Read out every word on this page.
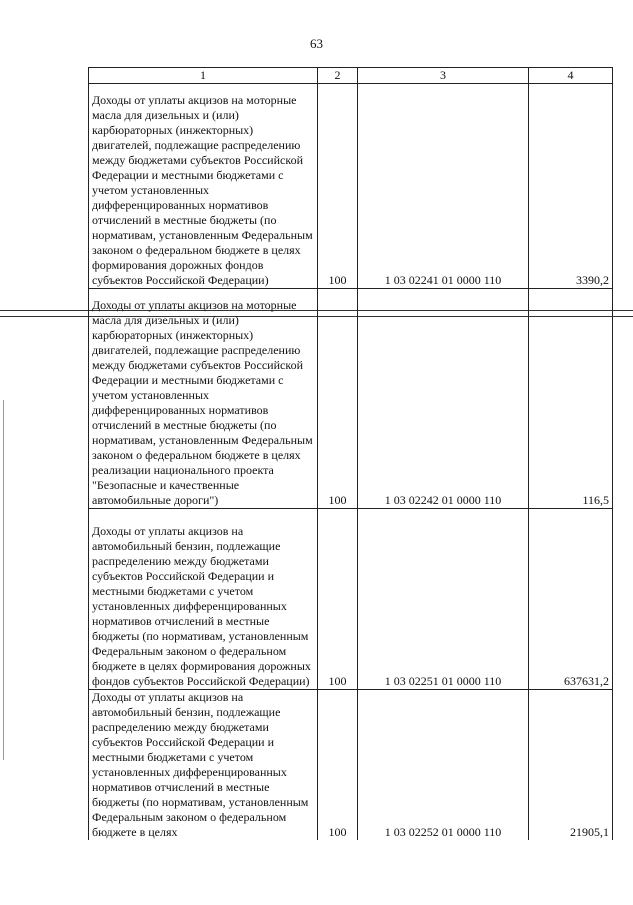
63
1	2	3	4
Доходы от уплаты акцизов на моторные масла для дизельных и (или) карбюраторных (инжекторных) двигателей, подлежащие распределению между бюджетами субъектов Российской Федерации и местными бюджетами с учетом установленных дифференцированных нормативов отчислений в местные бюджеты (по нормативам, установленным Федеральным законом о федеральном бюджете в целях формирования дорожных фондов субъектов Российской Федерации)	100	1 03 02241 01 0000 110	3390,2
Доходы от уплаты акцизов на моторные масла для дизельных и (или) карбюраторных (инжекторных) двигателей, подлежащие распределению между бюджетами субъектов Российской Федерации и местными бюджетами с учетом установленных дифференцированных нормативов отчислений в местные бюджеты (по нормативам, установленным Федеральным законом о федеральном бюджете в целях реализации национального проекта "Безопасные и качественные автомобильные дороги")	100	1 03 02242 01 0000 110	116,5
Доходы от уплаты акцизов на автомобильный бензин, подлежащие распределению между бюджетами субъектов Российской Федерации и местными бюджетами с учетом установленных дифференцированных нормативов отчислений в местные бюджеты (по нормативам, установленным Федеральным законом о федеральном бюджете в целях формирования дорожных фондов субъектов Российской Федерации)	100	1 03 02251 01 0000 110	637631,2
Доходы от уплаты акцизов на автомобильный бензин, подлежащие распределению между бюджетами субъектов Российской Федерации и местными бюджетами с учетом установленных дифференцированных нормативов отчислений в местные бюджеты (по нормативам, установленным Федеральным законом о федеральном бюджете в целях	100	1 03 02252 01 0000 110	21905,1
